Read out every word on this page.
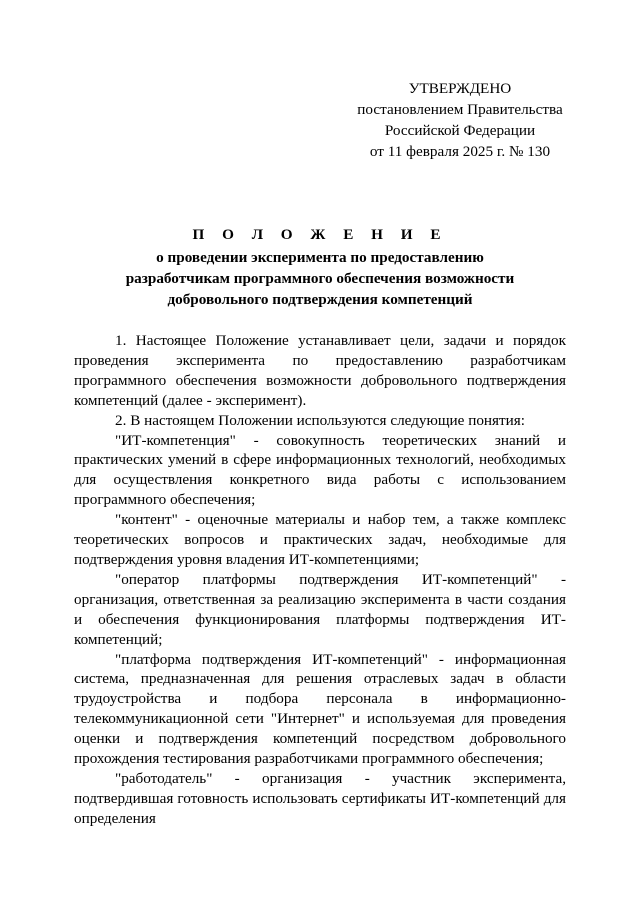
УТВЕРЖДЕНО
постановлением Правительства
Российской Федерации
от 11 февраля 2025 г. № 130
П О Л О Ж Е Н И Е
о проведении эксперимента по предоставлению
разработчикам программного обеспечения возможности
добровольного подтверждения компетенций

1. Настоящее Положение устанавливает цели, задачи и порядок проведения эксперимента по предоставлению разработчикам программного обеспечения возможности добровольного подтверждения компетенций (далее - эксперимент).

2. В настоящем Положении используются следующие понятия:

"ИТ-компетенция" - совокупность теоретических знаний и практических умений в сфере информационных технологий, необходимых для осуществления конкретного вида работы с использованием программного обеспечения;

"контент" - оценочные материалы и набор тем, а также комплекс теоретических вопросов и практических задач, необходимые для подтверждения уровня владения ИТ-компетенциями;

"оператор платформы подтверждения ИТ-компетенций" - организация, ответственная за реализацию эксперимента в части создания и обеспечения функционирования платформы подтверждения ИТ-компетенций;

"платформа подтверждения ИТ-компетенций" - информационная система, предназначенная для решения отраслевых задач в области трудоустройства и подбора персонала в информационно-телекоммуникационной сети "Интернет" и используемая для проведения оценки и подтверждения компетенций посредством добровольного прохождения тестирования разработчиками программного обеспечения;

"работодатель" - организация - участник эксперимента, подтвердившая готовность использовать сертификаты ИТ-компетенций для определения
